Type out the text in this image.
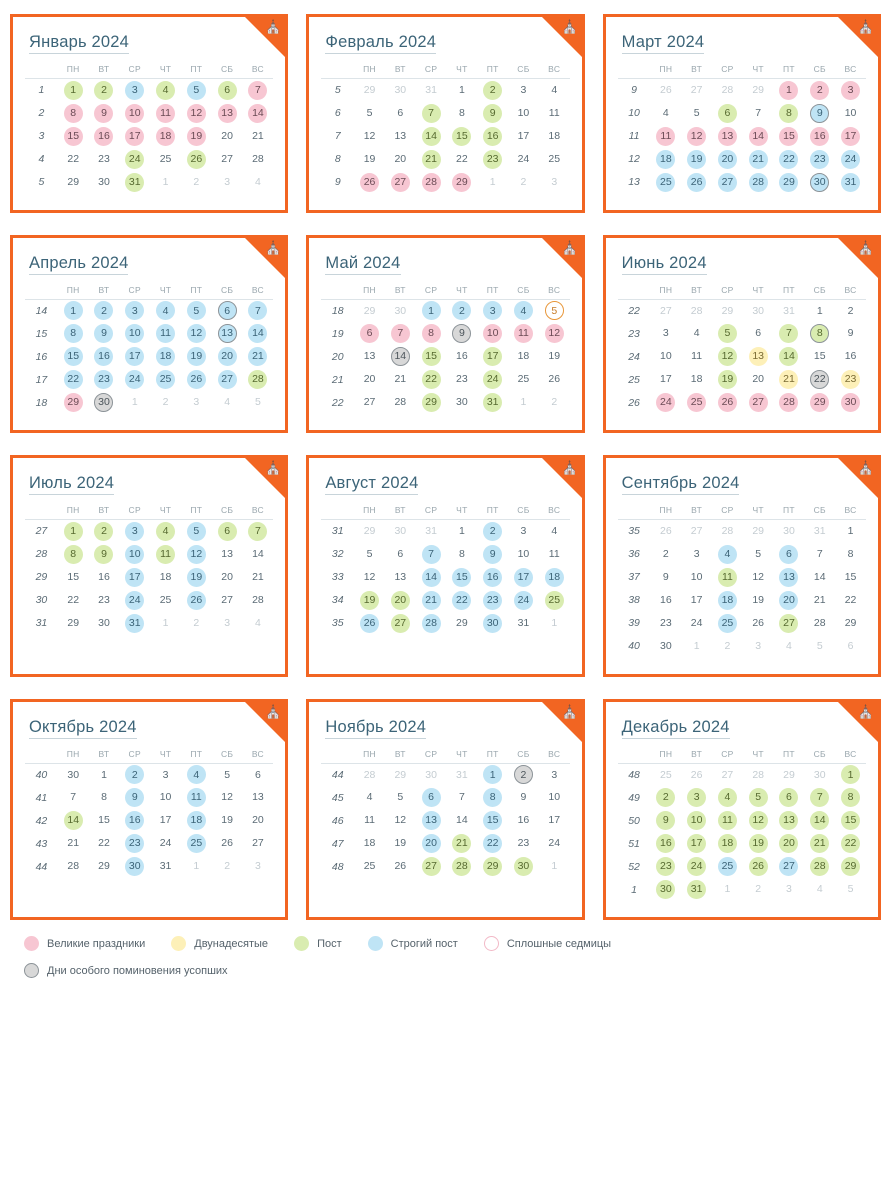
⛪
Январь 2024
	ПН	ВТ	СР	ЧТ	ПТ	СБ	ВС
1	1	2	3	4	5	6	7
2	8	9	10	11	12	13	14
3	15	16	17	18	19	20	21
4	22	23	24	25	26	27	28
5	29	30	31	1	2	3	4
⛪
Февраль 2024
	ПН	ВТ	СР	ЧТ	ПТ	СБ	ВС
5	29	30	31	1	2	3	4
6	5	6	7	8	9	10	11
7	12	13	14	15	16	17	18
8	19	20	21	22	23	24	25
9	26	27	28	29	1	2	3
⛪
Март 2024
	ПН	ВТ	СР	ЧТ	ПТ	СБ	ВС
9	26	27	28	29	1	2	3
10	4	5	6	7	8	9	10
11	11	12	13	14	15	16	17
12	18	19	20	21	22	23	24
13	25	26	27	28	29	30	31
⛪
Апрель 2024
	ПН	ВТ	СР	ЧТ	ПТ	СБ	ВС
14	1	2	3	4	5	6	7
15	8	9	10	11	12	13	14
16	15	16	17	18	19	20	21
17	22	23	24	25	26	27	28
18	29	30	1	2	3	4	5
⛪
Май 2024
	ПН	ВТ	СР	ЧТ	ПТ	СБ	ВС
18	29	30	1	2	3	4	5
19	6	7	8	9	10	11	12
20	13	14	15	16	17	18	19
21	20	21	22	23	24	25	26
22	27	28	29	30	31	1	2
⛪
Июнь 2024
	ПН	ВТ	СР	ЧТ	ПТ	СБ	ВС
22	27	28	29	30	31	1	2
23	3	4	5	6	7	8	9
24	10	11	12	13	14	15	16
25	17	18	19	20	21	22	23
26	24	25	26	27	28	29	30
⛪
Июль 2024
	ПН	ВТ	СР	ЧТ	ПТ	СБ	ВС
27	1	2	3	4	5	6	7
28	8	9	10	11	12	13	14
29	15	16	17	18	19	20	21
30	22	23	24	25	26	27	28
31	29	30	31	1	2	3	4
⛪
Август 2024
	ПН	ВТ	СР	ЧТ	ПТ	СБ	ВС
31	29	30	31	1	2	3	4
32	5	6	7	8	9	10	11
33	12	13	14	15	16	17	18
34	19	20	21	22	23	24	25
35	26	27	28	29	30	31	1
⛪
Сентябрь 2024
	ПН	ВТ	СР	ЧТ	ПТ	СБ	ВС
35	26	27	28	29	30	31	1
36	2	3	4	5	6	7	8
37	9	10	11	12	13	14	15
38	16	17	18	19	20	21	22
39	23	24	25	26	27	28	29
40	30	1	2	3	4	5	6
⛪
Октябрь 2024
	ПН	ВТ	СР	ЧТ	ПТ	СБ	ВС
40	30	1	2	3	4	5	6
41	7	8	9	10	11	12	13
42	14	15	16	17	18	19	20
43	21	22	23	24	25	26	27
44	28	29	30	31	1	2	3
⛪
Ноябрь 2024
	ПН	ВТ	СР	ЧТ	ПТ	СБ	ВС
44	28	29	30	31	1	2	3
45	4	5	6	7	8	9	10
46	11	12	13	14	15	16	17
47	18	19	20	21	22	23	24
48	25	26	27	28	29	30	1
⛪
Декабрь 2024
	ПН	ВТ	СР	ЧТ	ПТ	СБ	ВС
48	25	26	27	28	29	30	1
49	2	3	4	5	6	7	8
50	9	10	11	12	13	14	15
51	16	17	18	19	20	21	22
52	23	24	25	26	27	28	29
1	30	31	1	2	3	4	5
Великие праздники	Двунадесятые	Пост	Строгий пост	Сплошные седмицы
Дни особого поминовения усопших
